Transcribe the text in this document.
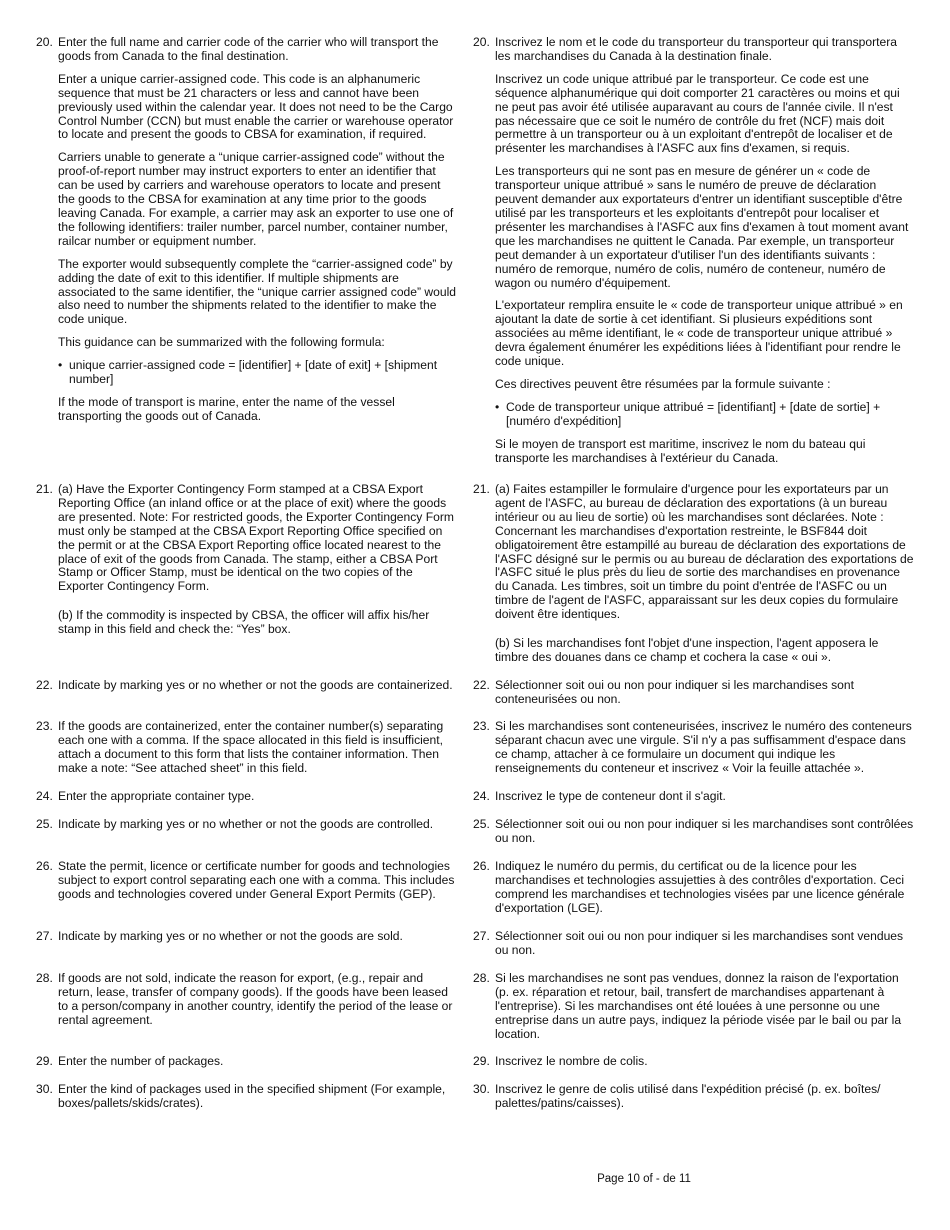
20. Enter the full name and carrier code of the carrier who will transport the goods from Canada to the final destination.

Enter a unique carrier-assigned code. This code is an alphanumeric sequence that must be 21 characters or less and cannot have been previously used within the calendar year. It does not need to be the Cargo Control Number (CCN) but must enable the carrier or warehouse operator to locate and present the goods to CBSA for examination, if required.

Carriers unable to generate a “unique carrier-assigned code” without the proof-of-report number may instruct exporters to enter an identifier that can be used by carriers and warehouse operators to locate and present the goods to the CBSA for examination at any time prior to the goods leaving Canada. For example, a carrier may ask an exporter to use one of the following identifiers: trailer number, parcel number, container number, railcar number or equipment number.

The exporter would subsequently complete the “carrier-assigned code” by adding the date of exit to this identifier. If multiple shipments are associated to the same identifier, the “unique carrier assigned code” would also need to number the shipments related to the identifier to make the code unique.

This guidance can be summarized with the following formula:

• unique carrier-assigned code = [identifier] + [date of exit] + [shipment number]

If the mode of transport is marine, enter the name of the vessel transporting the goods out of Canada.

21. (a) Have the Exporter Contingency Form stamped at a CBSA Export Reporting Office (an inland office or at the place of exit) where the goods are presented. Note: For restricted goods, the Exporter Contingency Form must only be stamped at the CBSA Export Reporting Office specified on the permit or at the CBSA Export Reporting office located nearest to the place of exit of the goods from Canada. The stamp, either a CBSA Port Stamp or Officer Stamp, must be identical on the two copies of the Exporter Contingency Form.

(b) If the commodity is inspected by CBSA, the officer will affix his/her stamp in this field and check the: “Yes” box.

22. Indicate by marking yes or no whether or not the goods are containerized.

23. If the goods are containerized, enter the container number(s) separating each one with a comma. If the space allocated in this field is insufficient, attach a document to this form that lists the container information. Then make a note: “See attached sheet” in this field.

24. Enter the appropriate container type.

25. Indicate by marking yes or no whether or not the goods are controlled.

26. State the permit, licence or certificate number for goods and technologies subject to export control separating each one with a comma. This includes goods and technologies covered under General Export Permits (GEP).

27. Indicate by marking yes or no whether or not the goods are sold.

28. If goods are not sold, indicate the reason for export, (e.g., repair and return, lease, transfer of company goods). If the goods have been leased to a person/company in another country, identify the period of the lease or rental agreement.

29. Enter the number of packages.

30. Enter the kind of packages used in the specified shipment (For example, boxes/pallets/skids/crates).

20. Inscrivez le nom et le code du transporteur du transporteur qui transportera les marchandises du Canada à la destination finale.

Inscrivez un code unique attribué par le transporteur. Ce code est une séquence alphanumérique qui doit comporter 21 caractères ou moins et qui ne peut pas avoir été utilisée auparavant au cours de l'année civile. Il n'est pas nécessaire que ce soit le numéro de contrôle du fret (NCF) mais doit permettre à un transporteur ou à un exploitant d'entrepôt de localiser et de présenter les marchandises à l'ASFC aux fins d'examen, si requis.

Les transporteurs qui ne sont pas en mesure de générer un « code de transporteur unique attribué » sans le numéro de preuve de déclaration peuvent demander aux exportateurs d'entrer un identifiant susceptible d'être utilisé par les transporteurs et les exploitants d'entrepôt pour localiser et présenter les marchandises à l'ASFC aux fins d'examen à tout moment avant que les marchandises ne quittent le Canada. Par exemple, un transporteur peut demander à un exportateur d'utiliser l'un des identifiants suivants : numéro de remorque, numéro de colis, numéro de conteneur, numéro de wagon ou numéro d'équipement.

L'exportateur remplira ensuite le « code de transporteur unique attribué » en ajoutant la date de sortie à cet identifiant. Si plusieurs expéditions sont associées au même identifiant, le « code de transporteur unique attribué » devra également énumérer les expéditions liées à l'identifiant pour rendre le code unique.

Ces directives peuvent être résumées par la formule suivante :

• Code de transporteur unique attribué = [identifiant] + [date de sortie] + [numéro d'expédition]

Si le moyen de transport est maritime, inscrivez le nom du bateau qui transporte les marchandises à l'extérieur du Canada.

21. (a) Faites estampiller le formulaire d'urgence pour les exportateurs par un agent de l'ASFC, au bureau de déclaration des exportations (à un bureau intérieur ou au lieu de sortie) où les marchandises sont déclarées. Note : Concernant les marchandises d'exportation restreinte, le BSF844 doit obligatoirement être estampillé au bureau de déclaration des exportations de l'ASFC désigné sur le permis ou au bureau de déclaration des exportations de l'ASFC situé le plus près du lieu de sortie des marchandises en provenance du Canada. Les timbres, soit un timbre du point d'entrée de l'ASFC ou un timbre de l'agent de l'ASFC, apparaissant sur les deux copies du formulaire doivent être identiques.

(b) Si les marchandises font l'objet d'une inspection, l'agent apposera le timbre des douanes dans ce champ et cochera la case « oui ».

22. Sélectionner soit oui ou non pour indiquer si les marchandises sont conteneurisées ou non.

23. Si les marchandises sont conteneurisées, inscrivez le numéro des conteneurs séparant chacun avec une virgule. S'il n'y a pas suffisamment d'espace dans ce champ, attacher à ce formulaire un document qui indique les renseignements du conteneur et inscrivez « Voir la feuille attachée ».

24. Inscrivez le type de conteneur dont il s'agit.

25. Sélectionner soit oui ou non pour indiquer si les marchandises sont contrôlées ou non.

26. Indiquez le numéro du permis, du certificat ou de la licence pour les marchandises et technologies assujetties à des contrôles d'exportation. Ceci comprend les marchandises et technologies visées par une licence générale d'exportation (LGE).

27. Sélectionner soit oui ou non pour indiquer si les marchandises sont vendues ou non.

28. Si les marchandises ne sont pas vendues, donnez la raison de l'exportation (p. ex. réparation et retour, bail, transfert de marchandises appartenant à l'entreprise). Si les marchandises ont été louées à une personne ou une entreprise dans un autre pays, indiquez la période visée par le bail ou par la location.

29. Inscrivez le nombre de colis.

30. Inscrivez le genre de colis utilisé dans l'expédition précisé (p. ex. boîtes/ palettes/patins/caisses).

Page 10 of - de 11
